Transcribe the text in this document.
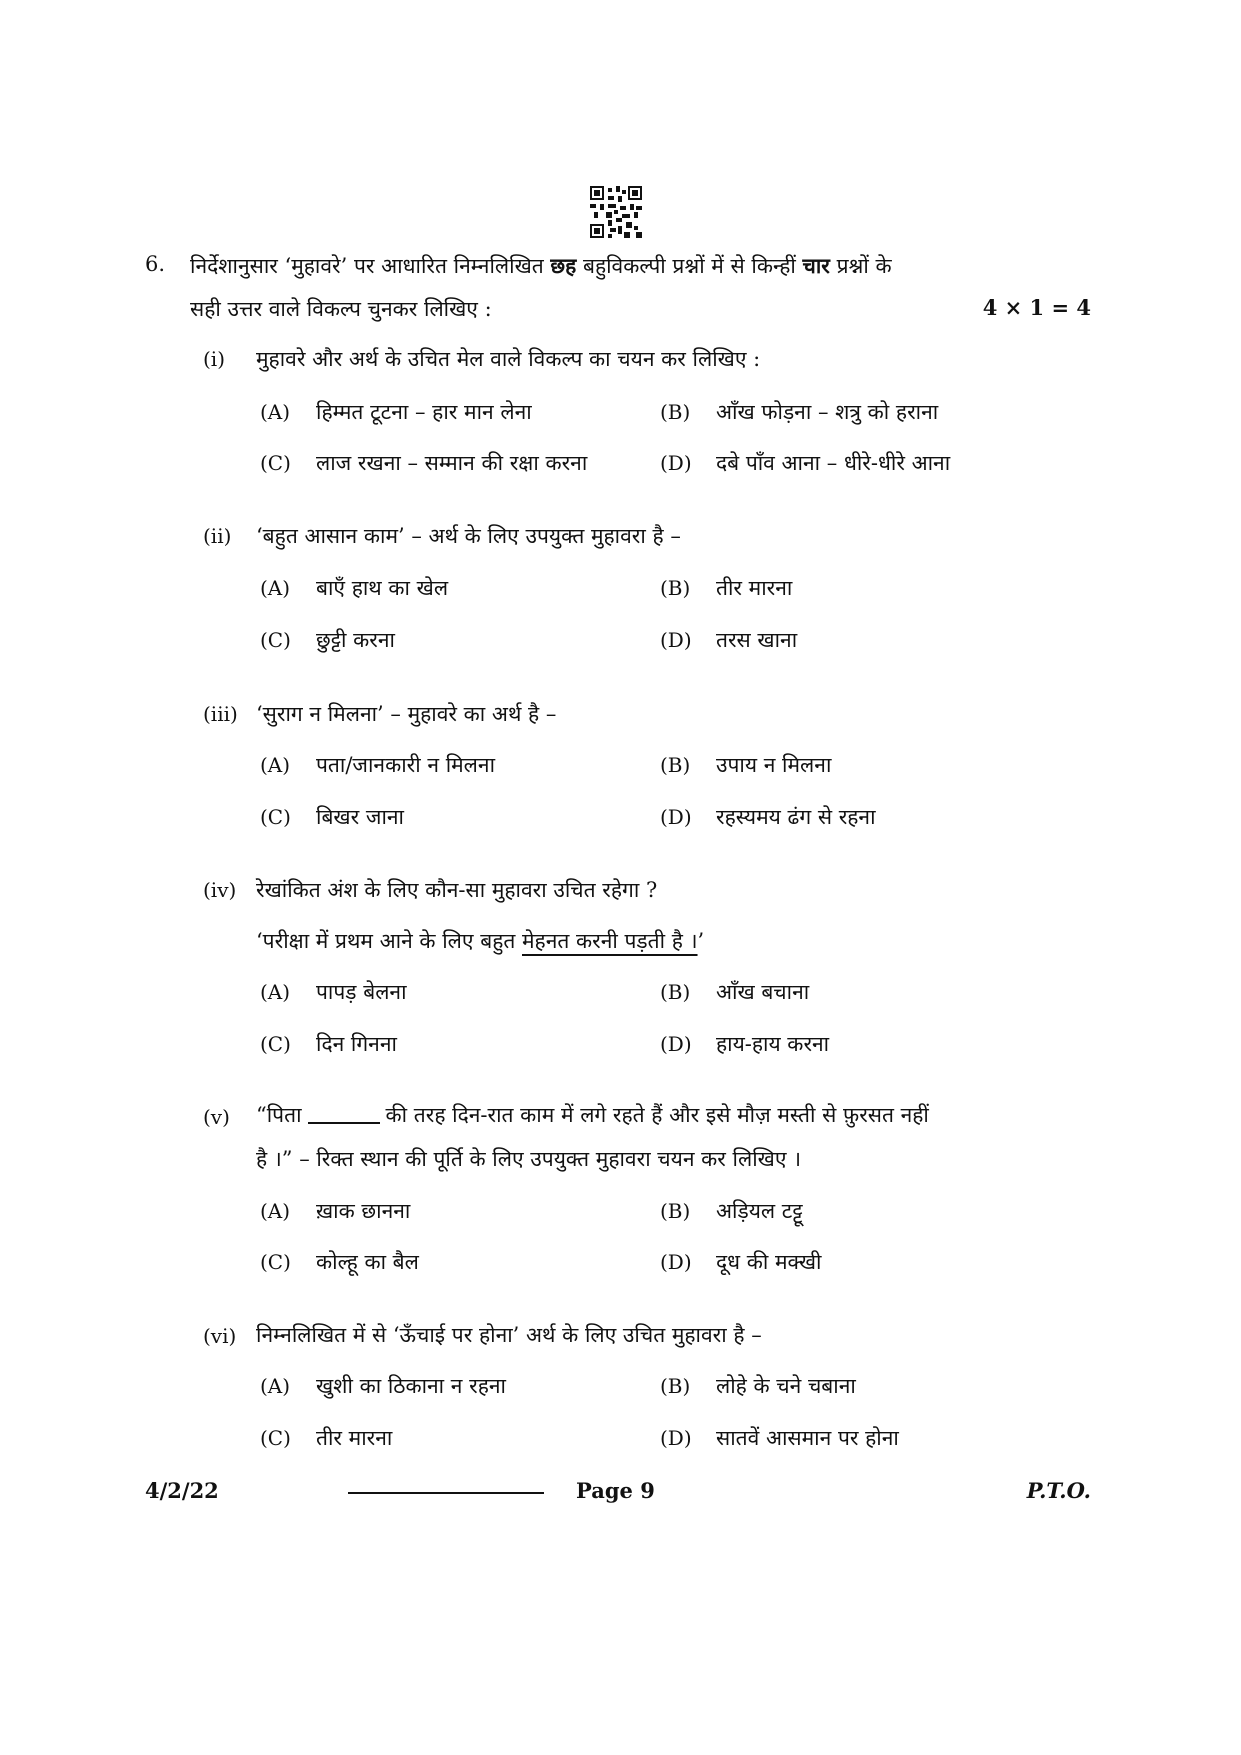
6. निर्देशानुसार ‘मुहावरे’ पर आधारित निम्नलिखित छह बहुविकल्पी प्रश्नों में से किन्हीं चार प्रश्नों के
सही उत्तर वाले विकल्प चुनकर लिखिए :	4 × 1 = 4
(i) मुहावरे और अर्थ के उचित मेल वाले विकल्प का चयन कर लिखिए :
(A) हिम्मत टूटना – हार मान लेना	(B) आँख फोड़ना – शत्रु को हराना
(C) लाज रखना – सम्मान की रक्षा करना	(D) दबे पाँव आना – धीरे-धीरे आना
(ii) ‘बहुत आसान काम’ – अर्थ के लिए उपयुक्त मुहावरा है –
(A) बाएँ हाथ का खेल	(B) तीर मारना
(C) छुट्टी करना	(D) तरस खाना
(iii) ‘सुराग न मिलना’ – मुहावरे का अर्थ है –
(A) पता/जानकारी न मिलना	(B) उपाय न मिलना
(C) बिखर जाना	(D) रहस्यमय ढंग से रहना
(iv) रेखांकित अंश के लिए कौन-सा मुहावरा उचित रहेगा ?
‘परीक्षा में प्रथम आने के लिए बहुत मेहनत करनी पड़ती है ।’
(A) पापड़ बेलना	(B) आँख बचाना
(C) दिन गिनना	(D) हाय-हाय करना
(v) “पिता	की तरह दिन-रात काम में लगे रहते हैं और इसे मौज़ मस्ती से फ़ुरसत नहीं
है ।” – रिक्त स्थान की पूर्ति के लिए उपयुक्त मुहावरा चयन कर लिखिए ।
(A) ख़ाक छानना	(B) अड़ियल टट्टू
(C) कोल्हू का बैल	(D) दूध की मक्खी
(vi) निम्नलिखित में से ‘ऊँचाई पर होना’ अर्थ के लिए उचित मुहावरा है –
(A) खुशी का ठिकाना न रहना	(B) लोहे के चने चबाना
(C) तीर मारना	(D) सातवें आसमान पर होना
4/2/22	Page 9	P.T.O.
